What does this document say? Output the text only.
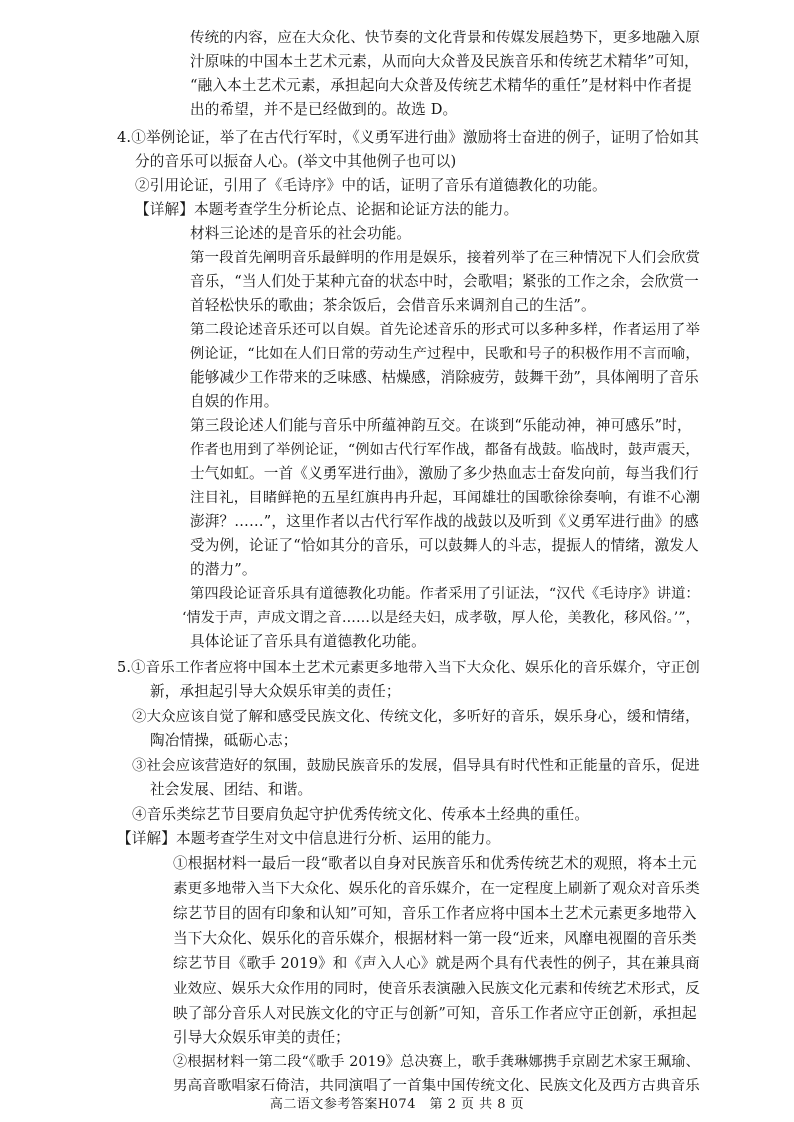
传统的内容，应在大众化、快节奏的文化背景和传媒发展趋势下，更多地融入原
汁原味的中国本土艺术元素，从而向大众普及民族音乐和传统艺术精华”可知，
“融入本土艺术元素，承担起向大众普及传统艺术精华的重任”是材料中作者提
出的希望，并不是已经做到的。故选 D。
4.①举例论证，举了在古代行军时，《义勇军进行曲》激励将士奋进的例子，证明了恰如其
分的音乐可以振奋人心。(举文中其他例子也可以)
②引用论证，引用了《毛诗序》中的话，证明了音乐有道德教化的功能。
【详解】本题考查学生分析论点、论据和论证方法的能力。
材料三论述的是音乐的社会功能。
第一段首先阐明音乐最鲜明的作用是娱乐，接着列举了在三种情况下人们会欣赏
音乐，“当人们处于某种亢奋的状态中时，会歌唱；紧张的工作之余，会欣赏一
首轻松快乐的歌曲；茶余饭后，会借音乐来调剂自己的生活”。
第二段论述音乐还可以自娱。首先论述音乐的形式可以多种多样，作者运用了举
例论证，“比如在人们日常的劳动生产过程中，民歌和号子的积极作用不言而喻，
能够减少工作带来的乏味感、枯燥感，消除疲劳，鼓舞干劲”，具体阐明了音乐
自娱的作用。
第三段论述人们能与音乐中所蕴神韵互交。在谈到“乐能动神，神可感乐”时，
作者也用到了举例论证，“例如古代行军作战，都备有战鼓。临战时，鼓声震天，
士气如虹。一首《义勇军进行曲》，激励了多少热血志士奋发向前，每当我们行
注目礼，目睹鲜艳的五星红旗冉冉升起，耳闻雄壮的国歌徐徐奏响，有谁不心潮
澎湃？……”，这里作者以古代行军作战的战鼓以及听到《义勇军进行曲》的感
受为例，论证了“恰如其分的音乐，可以鼓舞人的斗志，提振人的情绪，激发人
的潜力”。
第四段论证音乐具有道德教化功能。作者采用了引证法，“汉代《毛诗序》讲道：
‘情发于声，声成文谓之音……以是经夫妇，成孝敬，厚人伦，美教化，移风俗。’”，
具体论证了音乐具有道德教化功能。
5.①音乐工作者应将中国本土艺术元素更多地带入当下大众化、娱乐化的音乐媒介，守正创
新，承担起引导大众娱乐审美的责任；
②大众应该自觉了解和感受民族文化、传统文化，多听好的音乐，娱乐身心，缓和情绪，
陶冶情操，砥砺心志；
③社会应该营造好的氛围，鼓励民族音乐的发展，倡导具有时代性和正能量的音乐，促进
社会发展、团结、和谐。
④音乐类综艺节目要肩负起守护优秀传统文化、传承本土经典的重任。
【详解】本题考查学生对文中信息进行分析、运用的能力。
①根据材料一最后一段“歌者以自身对民族音乐和优秀传统艺术的观照，将本土元
素更多地带入当下大众化、娱乐化的音乐媒介，在一定程度上刷新了观众对音乐类
综艺节目的固有印象和认知”可知，音乐工作者应将中国本土艺术元素更多地带入
当下大众化、娱乐化的音乐媒介，根据材料一第一段“近来，风靡电视圈的音乐类
综艺节目《歌手 2019》和《声入人心》就是两个具有代表性的例子，其在兼具商
业效应、娱乐大众作用的同时，使音乐表演融入民族文化元素和传统艺术形式，反
映了部分音乐人对民族文化的守正与创新”可知，音乐工作者应守正创新，承担起
引导大众娱乐审美的责任；
②根据材料一第二段“《歌手 2019》总决赛上，歌手龚琳娜携手京剧艺术家王珮瑜、
男高音歌唱家石倚洁，共同演唱了一首集中国传统文化、民族文化及西方古典音乐
高二语文参考答案H074　第 2 页 共 8 页
